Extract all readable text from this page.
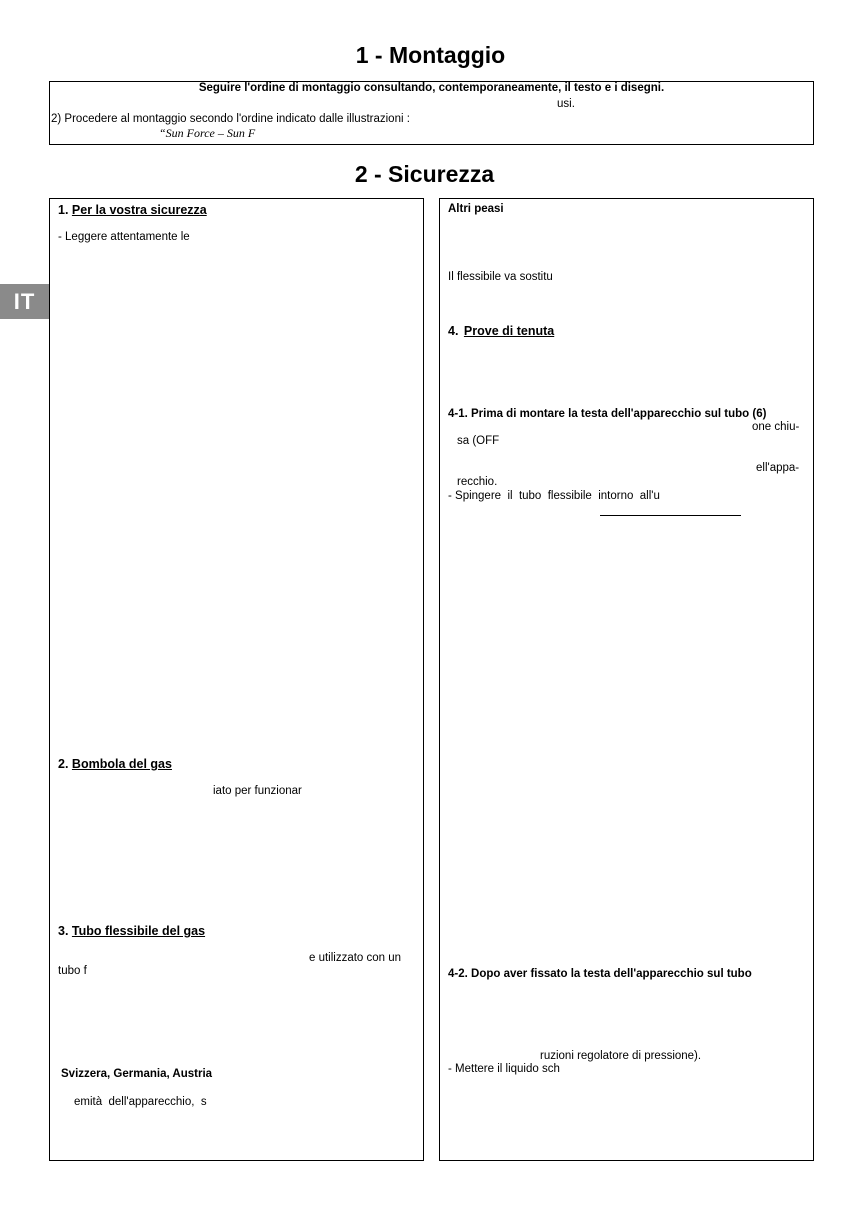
1 - Montaggio
Seguire l'ordine di montaggio consultando, contemporaneamente, il testo e i disegni.
usi.
2) Procedere al montaggio secondo l'ordine indicato dalle illustrazioni :
“Sun Force – Sun F
2 - Sicurezza
IT
1. Per la vostra sicurezza
- Leggere attentamente le
2. Bombola del gas
iato per funzionar
3. Tubo flessibile del gas
e utilizzato con un
tubo f
Svizzera, Germania, Austria
emità  dell'apparecchio,  s
Altri peasi
Il flessibile va sostitu
4. Prove di tenuta
4-1. Prima di montare la testa dell'apparecchio sul tubo (6)
one chiu-
sa (OFF
ell'appa-
recchio.
- Spingere  il  tubo  flessibile  intorno  all'u
4-2. Dopo aver fissato la testa dell'apparecchio sul tubo
ruzioni regolatore di pressione).
- Mettere il liquido sch
